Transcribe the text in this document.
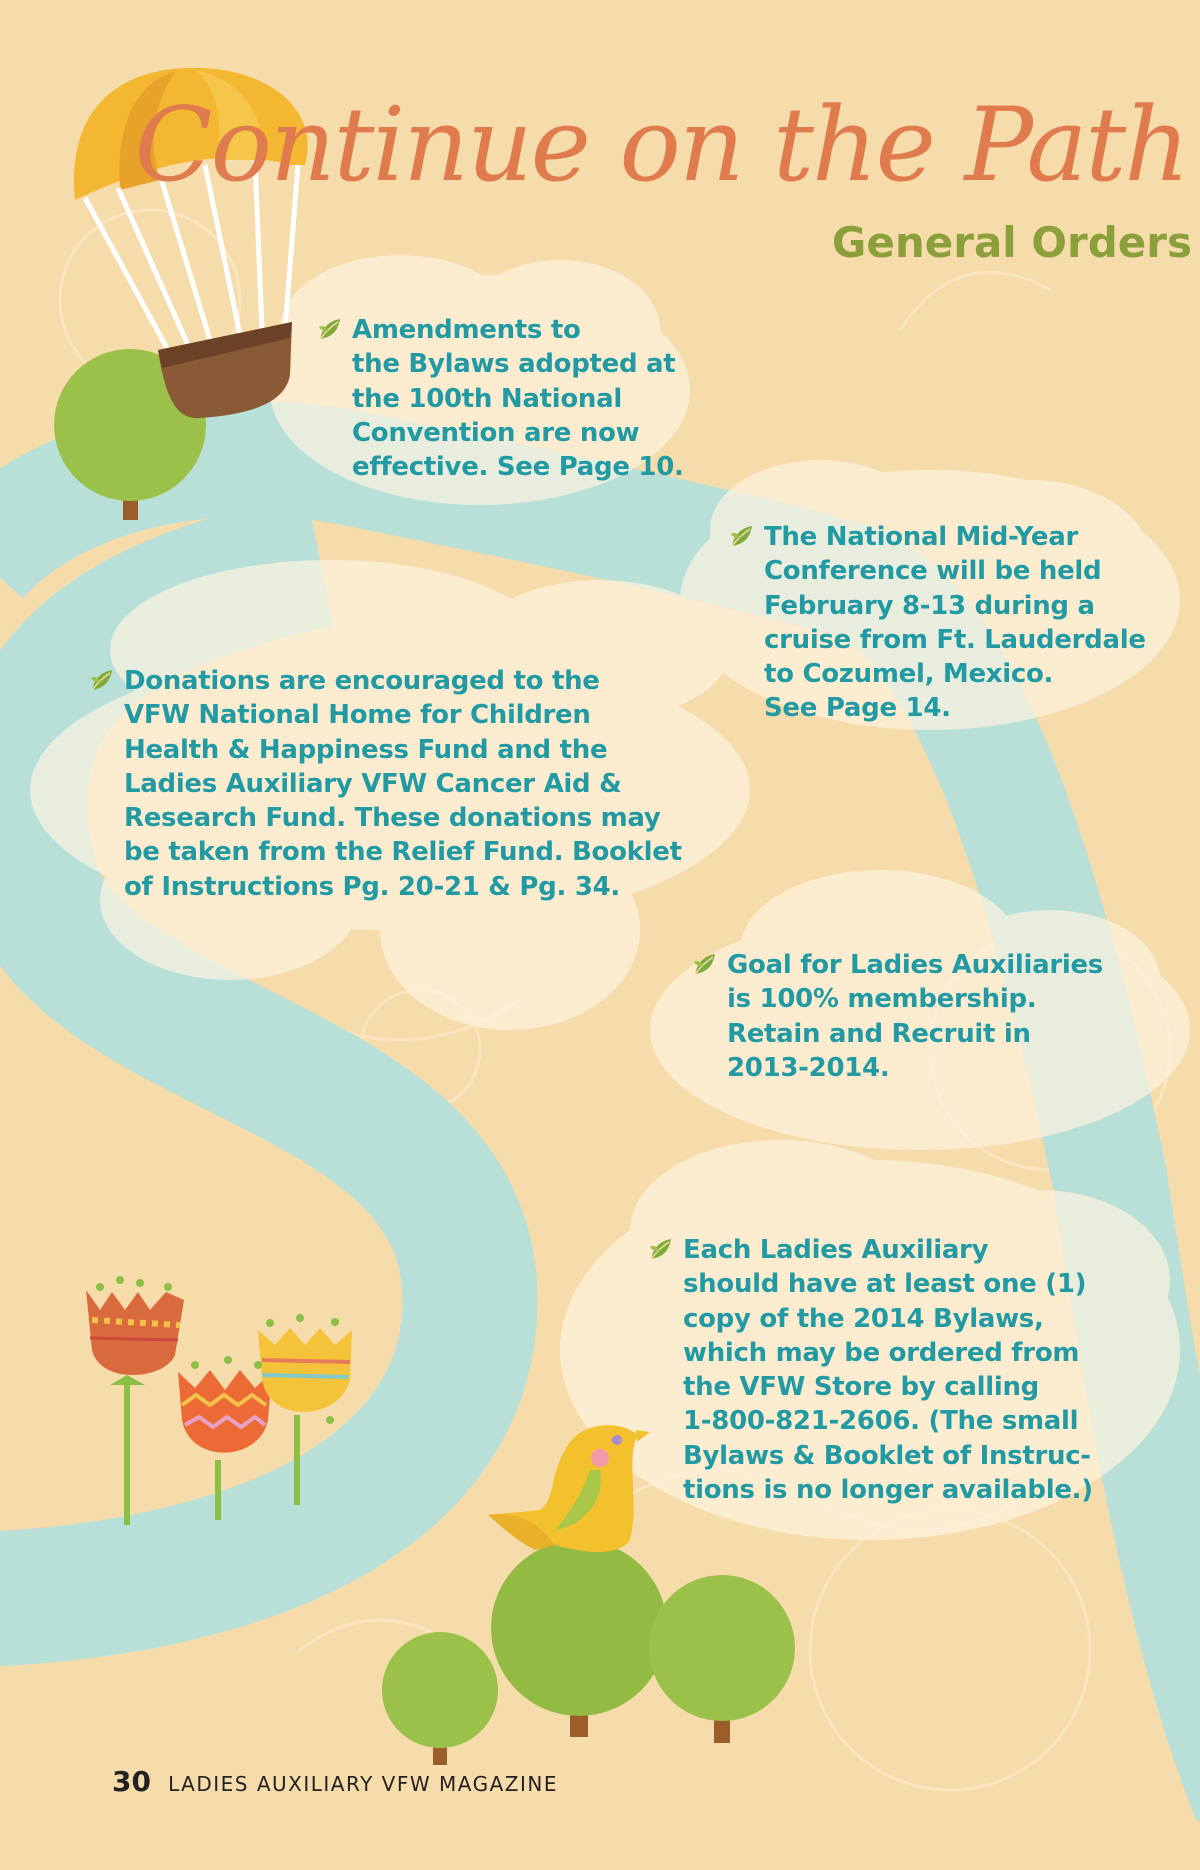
Continue on the Path
General Orders
Amendments to
the Bylaws adopted at
the 100th National
Convention are now
effective. See Page 10.
The National Mid-Year
Conference will be held
February 8-13 during a
cruise from Ft. Lauderdale
to Cozumel, Mexico.
See Page 14.
Donations are encouraged to the
VFW National Home for Children
Health & Happiness Fund and the
Ladies Auxiliary VFW Cancer Aid &
Research Fund. These donations may
be taken from the Relief Fund. Booklet
of Instructions Pg. 20-21 & Pg. 34.
Goal for Ladies Auxiliaries
is 100% membership.
Retain and Recruit in
2013-2014.
Each Ladies Auxiliary
should have at least one (1)
copy of the 2014 Bylaws,
which may be ordered from
the VFW Store by calling
1-800-821-2606. (The small
Bylaws & Booklet of Instruc-
tions is no longer available.)
30 LADIES AUXILIARY VFW MAGAZINE
